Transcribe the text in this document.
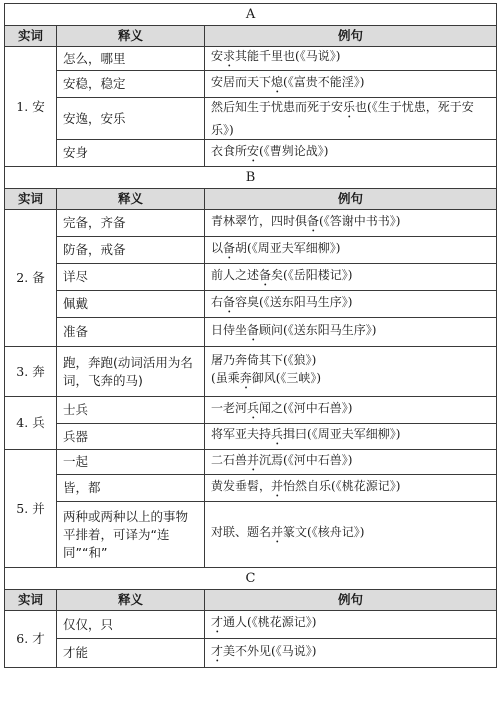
A		
实词	释义	例句
1. 安	怎么，哪里	安求其能千里也(《马说》)
	安稳，稳定	安居而天下熄(《富贵不能淫》)
	安逸，安乐	然后知生于忧患而死于安乐也(《生于忧患，死于安乐》)
	安身	衣食所安(《曹刿论战》)
B		
实词	释义	例句
2. 备	完备，齐备	青林翠竹，四时俱备(《答谢中书书》)
	防备，戒备	以备胡(《周亚夫军细柳》)
	详尽	前人之述备矣(《岳阳楼记》)
	佩戴	右备容臭(《送东阳马生序》)
	准备	日侍坐备顾问(《送东阳马生序》)
3. 奔	跑，奔跑(动词活用为名词，飞奔的马)	屠乃奔倚其下(《狼》)
(虽乘奔御风(《三峡》)
4. 兵	士兵	一老河兵闻之(《河中石兽》)
	兵器	将军亚夫持兵揖曰(《周亚夫军细柳》)
5. 并	一起	二石兽并沉焉(《河中石兽》)
	皆，都	黄发垂髫，并怡然自乐(《桃花源记》)
	两种或两种以上的事物平排着，可译为“连同”“和”	对联、题名并篆文(《核舟记》)
C		
实词	释义	例句
6. 才	仅仅，只	才通人(《桃花源记》)
	才能	才美不外见(《马说》)
